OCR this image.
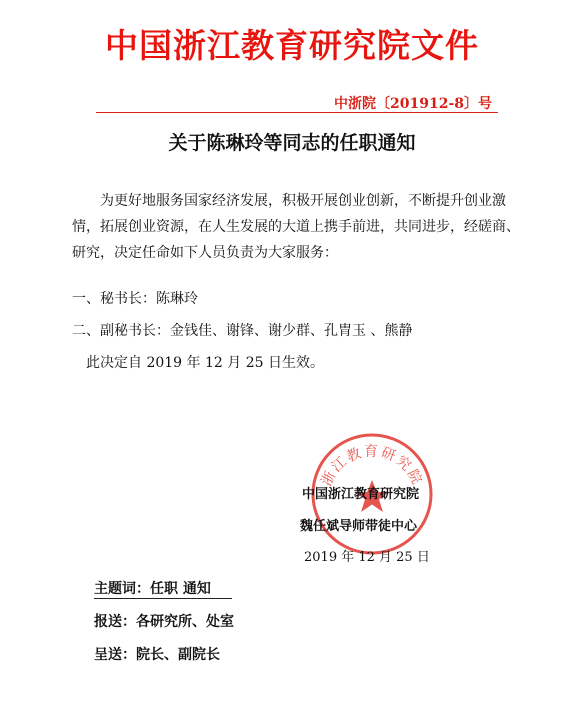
中国浙江教育研究院文件
中浙院〔201912-8〕号
关于陈琳玲等同志的任职通知

为更好地服务国家经济发展，积极开展创业创新，不断提升创业激情，拓展创业资源，在人生发展的大道上携手前进，共同进步，经磋商、研究，决定任命如下人员负责为大家服务：

一、秘书长：陈琳玲
二、副秘书长：金钱佳、谢锋、谢少群、孔胄玉 、熊静
此决定自 2019 年 12 月 25 日生效。
浙江教育研究院
中国浙江教育研究院
魏任斌导师带徒中心
2019 年 12 月 25 日
主题词：任职 通知
报送：各研究所、处室
呈送：院长、副院长
